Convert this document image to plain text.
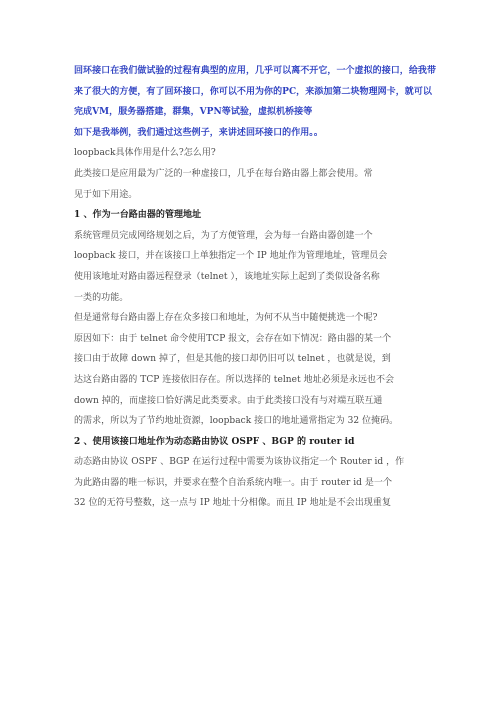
回环接口在我们做试验的过程有典型的应用，几乎可以离不开它，一个虚拟的接口，给我带
来了很大的方便，有了回环接口，你可以不用为你的PC，来添加第二块物理网卡，就可以
完成VM，服务器搭建，群集，VPN等试验，虚拟机桥接等
如下是我举例，我们通过这些例子，来讲述回环接口的作用。。
loopback具体作用是什么?怎么用?
此类接口是应用最为广泛的一种虚接口，几乎在每台路由器上都会使用。常
见于如下用途。
1 、作为一台路由器的管理地址
系统管理员完成网络规划之后，为了方便管理，会为每一台路由器创建一个
loopback 接口，并在该接口上单独指定一个 IP 地址作为管理地址，管理员会
使用该地址对路由器远程登录（telnet ），该地址实际上起到了类似设备名称
一类的功能。
但是通常每台路由器上存在众多接口和地址，为何不从当中随便挑选一个呢?
原因如下：由于 telnet 命令使用TCP 报文，会存在如下情况：路由器的某一个
接口由于故障 down 掉了，但是其他的接口却仍旧可以 telnet ，也就是说，到
达这台路由器的 TCP 连接依旧存在。所以选择的 telnet 地址必须是永远也不会
down 掉的，而虚接口恰好满足此类要求。由于此类接口没有与对端互联互通
的需求，所以为了节约地址资源，loopback 接口的地址通常指定为 32 位掩码。
2 、使用该接口地址作为动态路由协议 OSPF 、BGP 的 router id
动态路由协议 OSPF 、BGP 在运行过程中需要为该协议指定一个 Router id ，作
为此路由器的唯一标识，并要求在整个自治系统内唯一。由于 router id 是一个
32 位的无符号整数，这一点与 IP 地址十分相像。而且 IP 地址是不会出现重复
